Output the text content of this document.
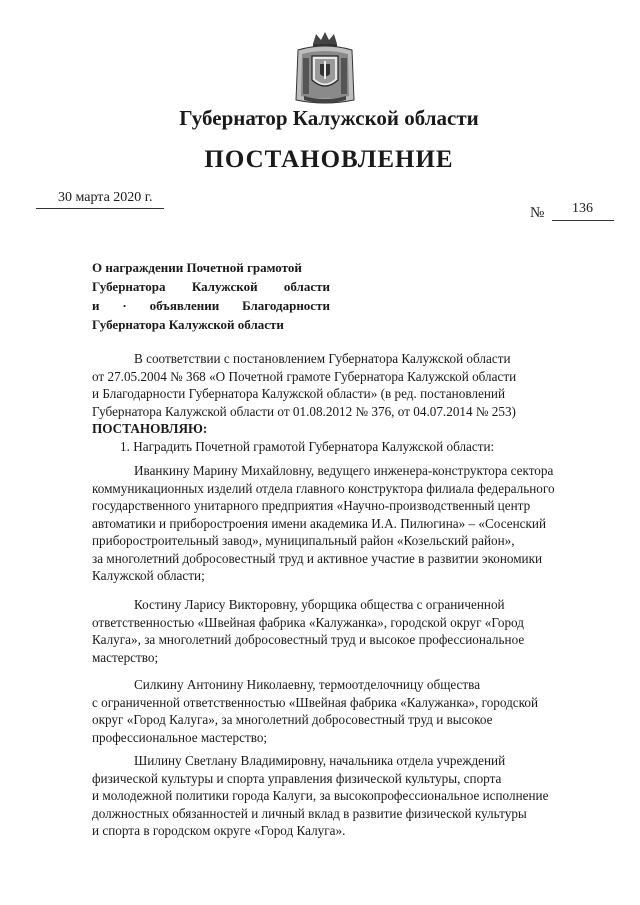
Губернатор Калужской области
ПОСТАНОВЛЕНИЕ
30 марта 2020 г.
№ 136
О награждении Почетной грамотой
Губернатора Калужской области
и · объявлении Благодарности
Губернатора Калужской области
В соответствии с постановлением Губернатора Калужской области
от 27.05.2004 № 368 «О Почетной грамоте Губернатора Калужской области
и Благодарности Губернатора Калужской области» (в ред. постановлений
Губернатора Калужской области от 01.08.2012 № 376, от 04.07.2014 № 253)
ПОСТАНОВЛЯЮ:
1. Наградить Почетной грамотой Губернатора Калужской области:
Иванкину Марину Михайловну, ведущего инженера-конструктора сектора
коммуникационных изделий отдела главного конструктора филиала федерального
государственного унитарного предприятия «Научно-производственный центр
автоматики и приборостроения имени академика И.А. Пилюгина» – «Сосенский
приборостроительный завод», муниципальный район «Козельский район»,
за многолетний добросовестный труд и активное участие в развитии экономики
Калужской области;
Костину Ларису Викторовну, уборщика общества с ограниченной
ответственностью «Швейная фабрика «Калужанка», городской округ «Город
Калуга», за многолетний добросовестный труд и высокое профессиональное
мастерство;
Силкину Антонину Николаевну, термоотделочницу общества
с ограниченной ответственностью «Швейная фабрика «Калужанка», городской
округ «Город Калуга», за многолетний добросовестный труд и высокое
профессиональное мастерство;
Шилину Светлану Владимировну, начальника отдела учреждений
физической культуры и спорта управления физической культуры, спорта
и молодежной политики города Калуги, за высокопрофессиональное исполнение
должностных обязанностей и личный вклад в развитие физической культуры
и спорта в городском округе «Город Калуга».
